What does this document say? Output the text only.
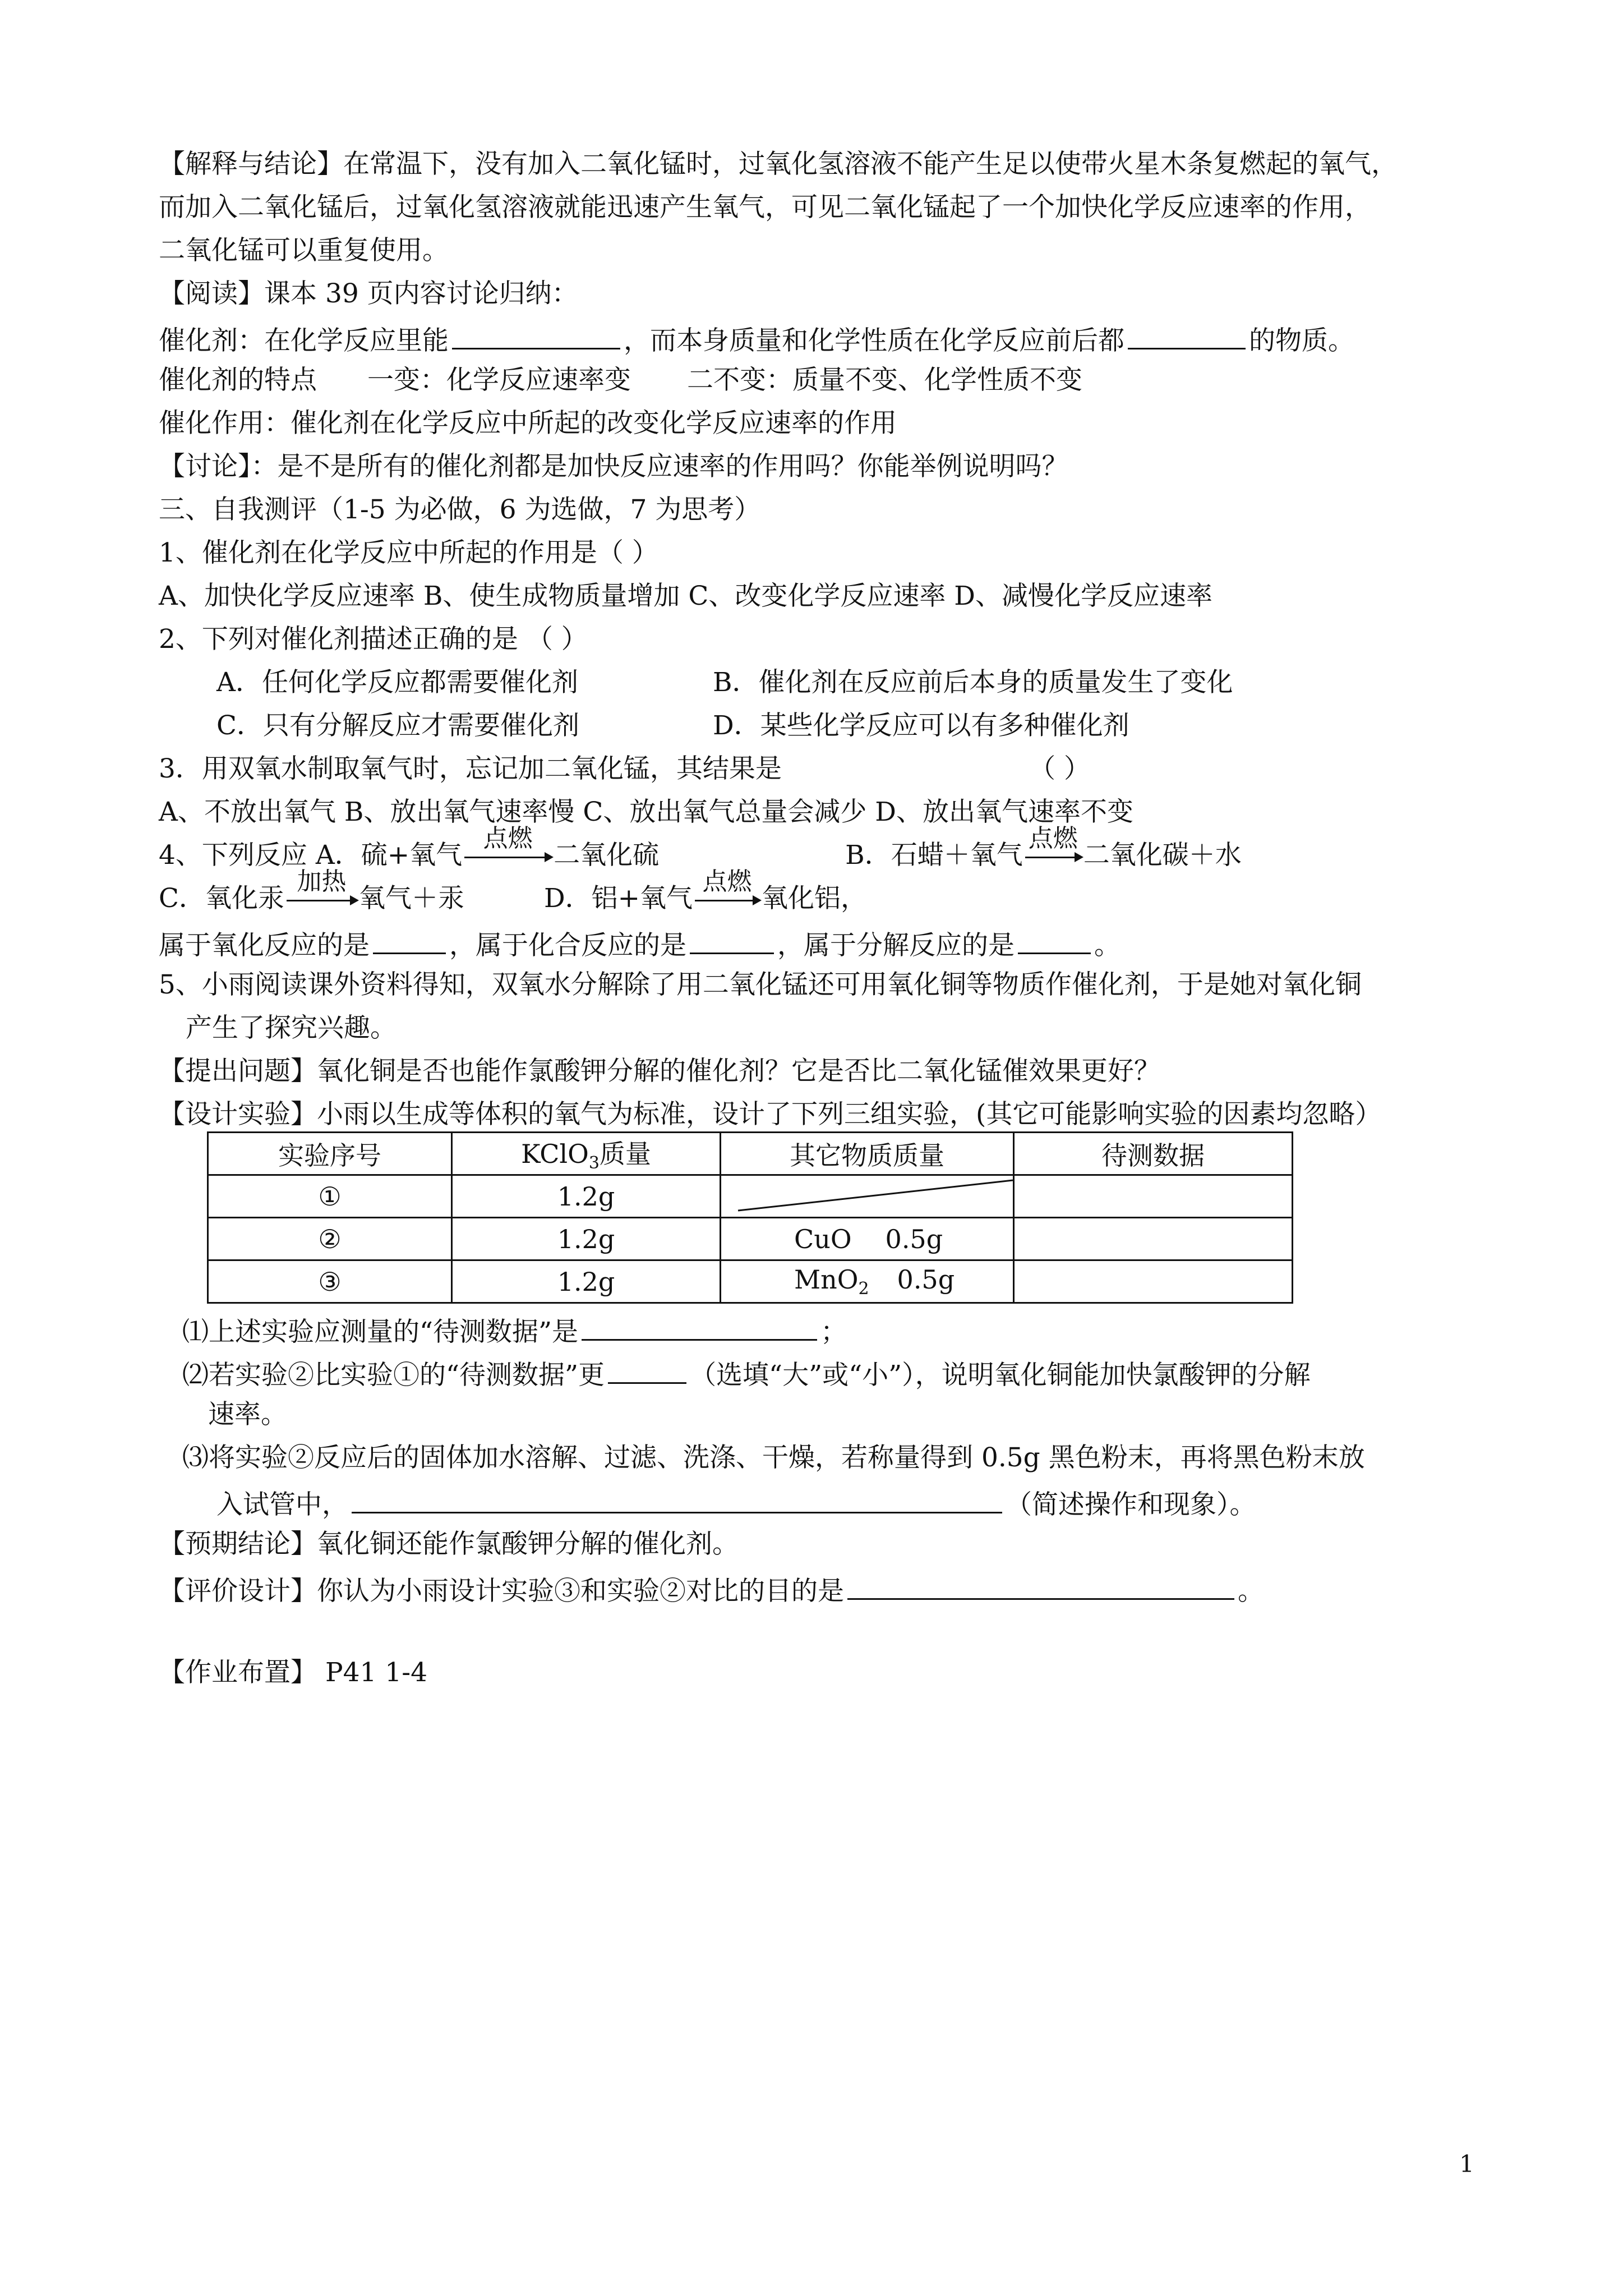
【解释与结论】在常温下，没有加入二氧化锰时，过氧化氢溶液不能产生足以使带火星木条复燃起的氧气，
而加入二氧化锰后，过氧化氢溶液就能迅速产生氧气，可见二氧化锰起了一个加快化学反应速率的作用，
二氧化锰可以重复使用。
【阅读】课本 39 页内容讨论归纳：
催化剂：在化学反应里能	，而本身质量和化学性质在化学反应前后都	的物质。
催化剂的特点 一变：化学反应速率变 二不变：质量不变、化学性质不变
催化作用：催化剂在化学反应中所起的改变化学反应速率的作用
【讨论】：是不是所有的催化剂都是加快反应速率的作用吗？你能举例说明吗？
三、自我测评（1-5 为必做，6 为选做，7 为思考）
1、催化剂在化学反应中所起的作用是（ ）
A、加快化学反应速率 B、使生成物质量增加 C、改变化学反应速率 D、减慢化学反应速率
2、下列对催化剂描述正确的是 （ ）
A．任何化学反应都需要催化剂	B．催化剂在反应前后本身的质量发生了变化
C．只有分解反应才需要催化剂	D．某些化学反应可以有多种催化剂
3．用双氧水制取氧气时，忘记加二氧化锰，其结果是	（ ）
A、不放出氧气 B、放出氧气速率慢 C、放出氧气总量会减少 D、放出氧气速率不变
4、下列反应 A．硫+氧气
点燃
二氧化硫	B．石蜡＋氧气
点燃
二氧化碳＋水
C．氧化汞
加热
氧气＋汞	D．铝+氧气
点燃
氧化铝，
属于氧化反应的是	，属于化合反应的是	，属于分解反应的是	。
5、小雨阅读课外资料得知，双氧水分解除了用二氧化锰还可用氧化铜等物质作催化剂，于是她对氧化铜
产生了探究兴趣。
【提出问题】氧化铜是否也能作氯酸钾分解的催化剂？它是否比二氧化锰催效果更好？
【设计实验】小雨以生成等体积的氧气为标准，设计了下列三组实验，(其它可能影响实验的因素均忽略）
实验序号	KClO$_3$质量	其它物质质量	待测数据
①	1.2g	

②	1.2g	CuO 0.5g	
③	1.2g	MnO$_2$ 0.5g	
⑴上述实验应测量的“待测数据”是	；
⑵若实验②比实验①的“待测数据”更	（选填“大”或“小”），说明氧化铜能加快氯酸钾的分解
速率。
⑶将实验②反应后的固体加水溶解、过滤、洗涤、干燥，若称量得到 0.5g 黑色粉末，再将黑色粉末放
入试管中，	（简述操作和现象）。
【预期结论】氧化铜还能作氯酸钾分解的催化剂。
【评价设计】你认为小雨设计实验③和实验②对比的目的是	。
【作业布置】 P41 1-4
1
